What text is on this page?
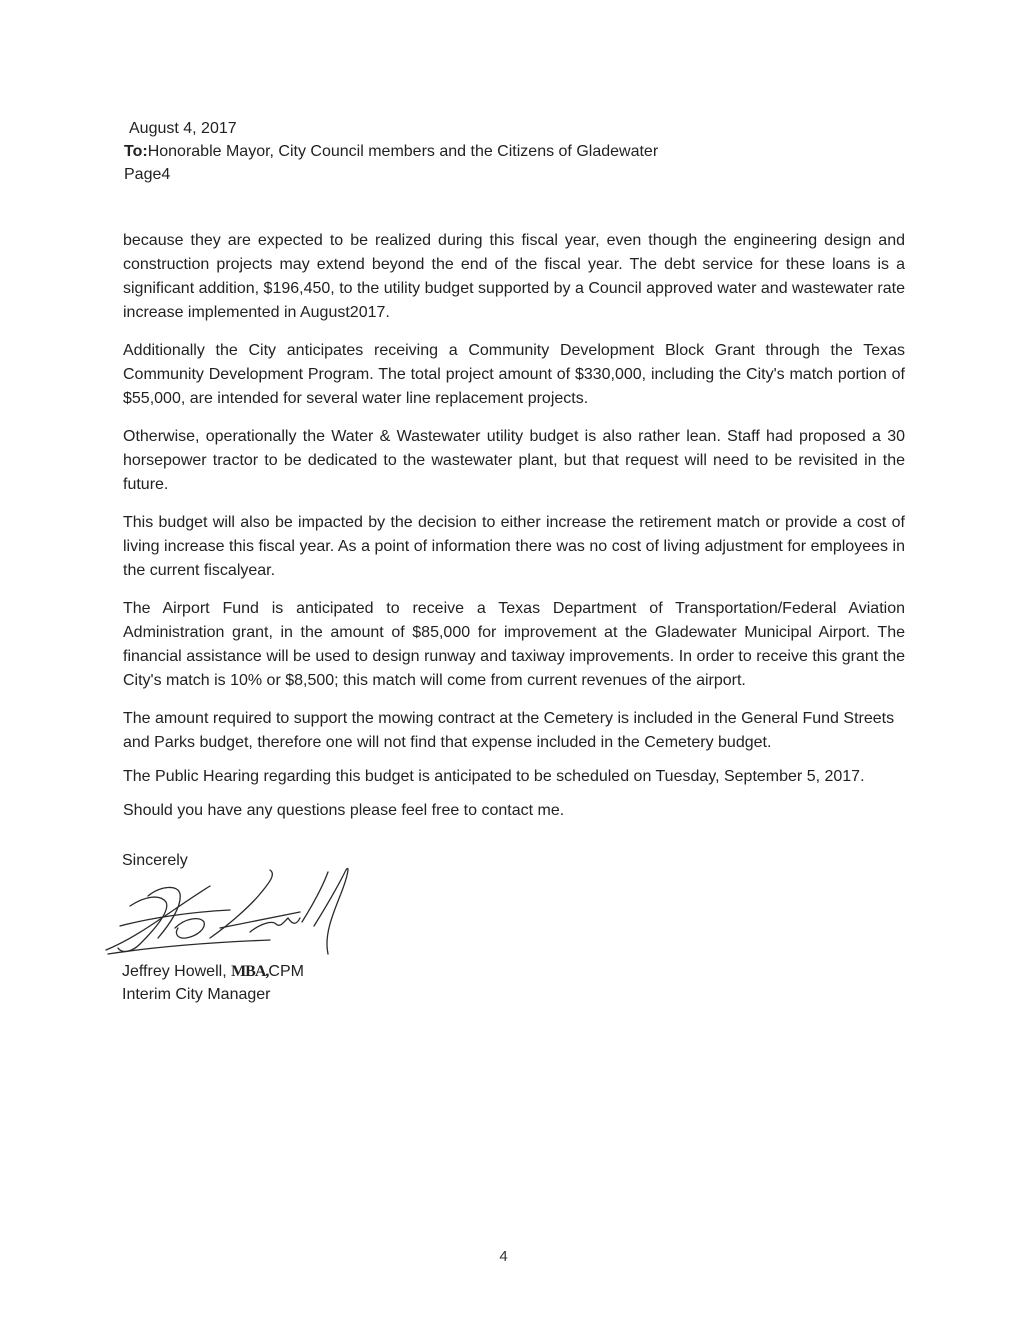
August 4, 2017
To:Honorable Mayor, City Council members and the Citizens of Gladewater
Page4

because they are expected to be realized during this fiscal year, even though the engineering design and construction projects may extend beyond the end of the fiscal year. The debt service for these loans is a significant addition, $196,450, to the utility budget supported by a Council approved water and wastewater rate increase implemented in August2017.

Additionally the City anticipates receiving a Community Development Block Grant through the Texas Community Development Program. The total project amount of $330,000, including the City's match portion of $55,000, are intended for several water line replacement projects.

Otherwise, operationally the Water & Wastewater utility budget is also rather lean. Staff had proposed a 30 horsepower tractor to be dedicated to the wastewater plant, but that request will need to be revisited in the future.

This budget will also be impacted by the decision to either increase the retirement match or provide a cost of living increase this fiscal year. As a point of information there was no cost of living adjustment for employees in the current fiscalyear.

The Airport Fund is anticipated to receive a Texas Department of Transportation/Federal Aviation Administration grant, in the amount of $85,000 for improvement at the Gladewater Municipal Airport. The financial assistance will be used to design runway and taxiway improvements. In order to receive this grant the City's match is 10% or $8,500; this match will come from current revenues of the airport.

The amount required to support the mowing contract at the Cemetery is included in the General Fund Streets and Parks budget, therefore one will not find that expense included in the Cemetery budget.

The Public Hearing regarding this budget is anticipated to be scheduled on Tuesday, September 5, 2017.

Should you have any questions please feel free to contact me.

Sincerely
Jeffrey Howell, MBA,CPM
Interim City Manager
4
